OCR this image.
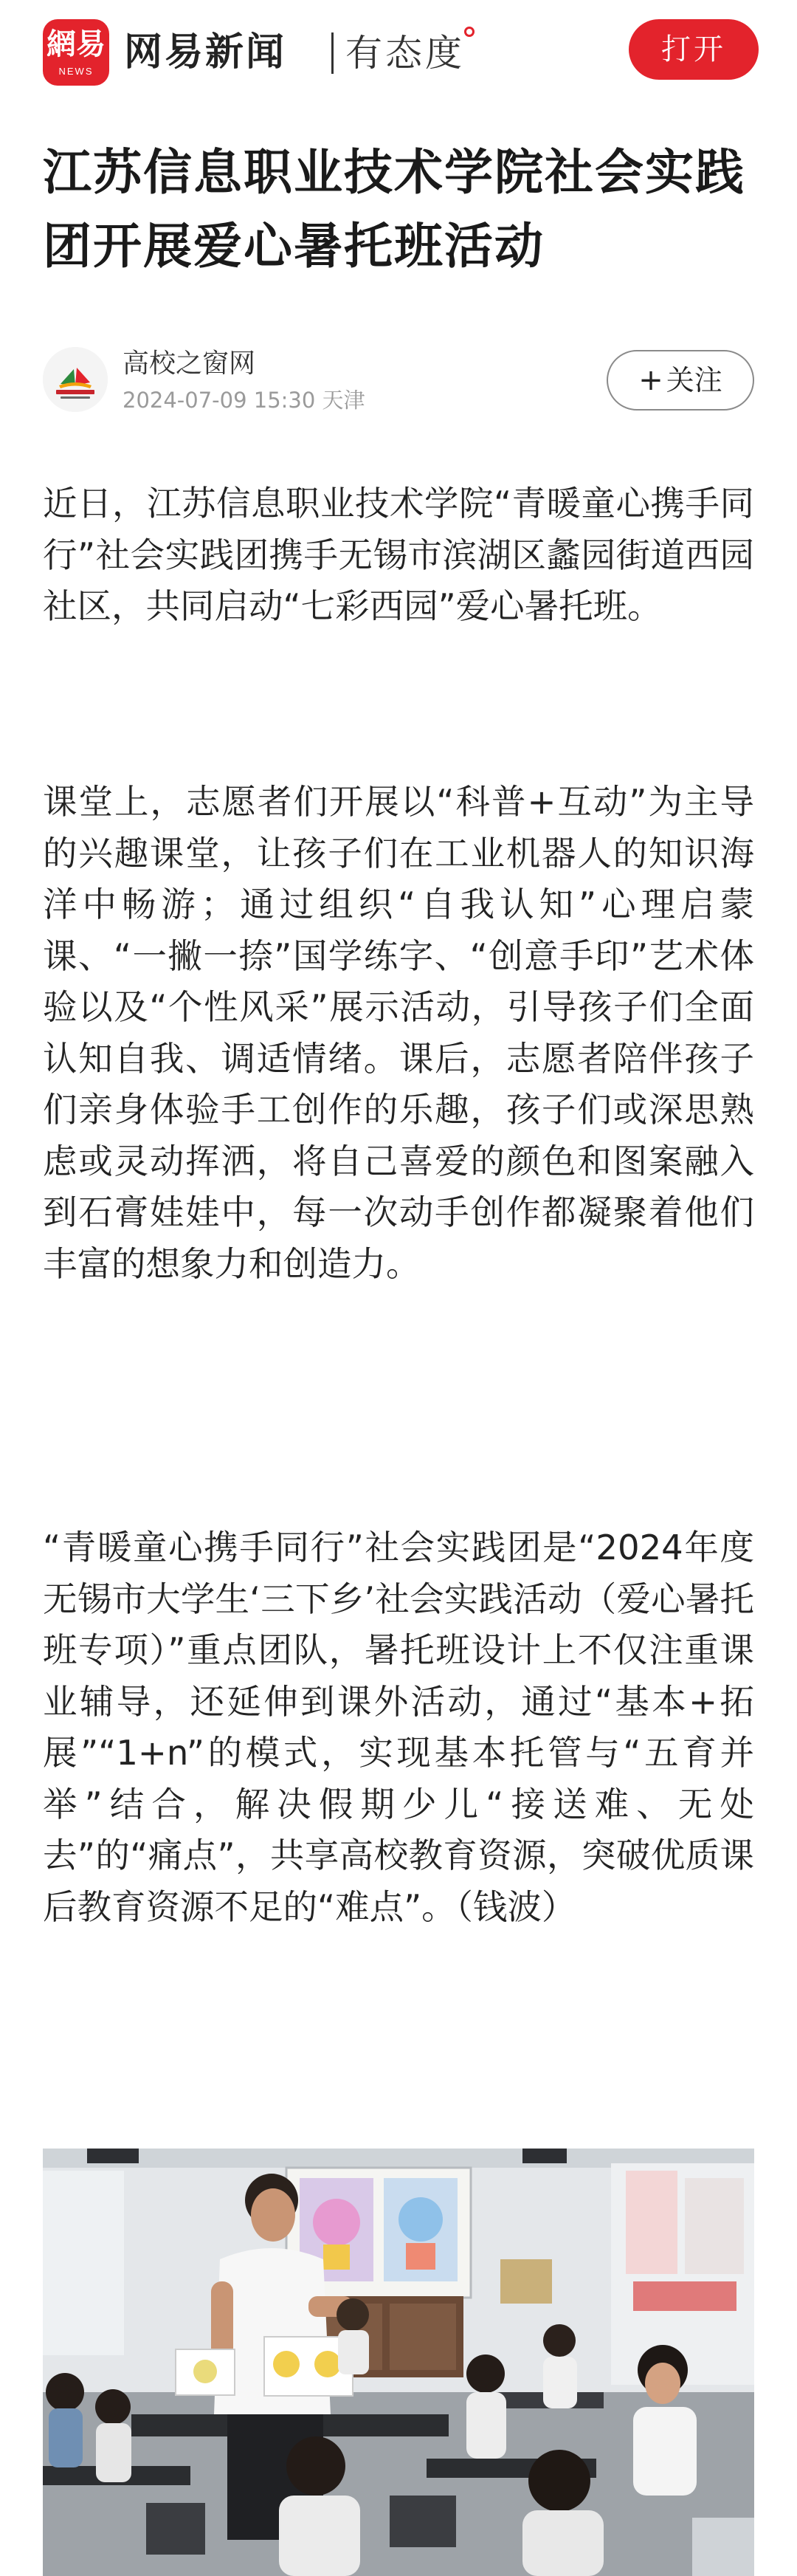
網易
NEWS 网易新闻 有态度	打开
江苏信息职业技术学院社会实践团开展爱心暑托班活动
高校之窗网
2024-07-09 15:30 天津
+ 关注

近日，江苏信息职业技术学院“青暖童心携手同行”社会实践团携手无锡市滨湖区蠡园街道西园社区，共同启动“七彩西园”爱心暑托班。

课堂上，志愿者们开展以“科普+互动”为主导的兴趣课堂，让孩子们在工业机器人的知识海洋中畅游；通过组织“自我认知”心理启蒙课、“一撇一捺”国学练字、“创意手印”艺术体验以及“个性风采”展示活动，引导孩子们全面认知自我、调适情绪。课后，志愿者陪伴孩子们亲身体验手工创作的乐趣，孩子们或深思熟虑或灵动挥洒，将自己喜爱的颜色和图案融入到石膏娃娃中，每一次动手创作都凝聚着他们丰富的想象力和创造力。

“青暖童心携手同行”社会实践团是“2024年度无锡市大学生‘三下乡’社会实践活动（爱心暑托班专项）”重点团队，暑托班设计上不仅注重课业辅导，还延伸到课外活动，通过“基本+拓展”“1+n”的模式，实现基本托管与“五育并举”结合，解决假期少儿“接送难、无处去”的“痛点”，共享高校教育资源，突破优质课后教育资源不足的“难点”。（钱波）
